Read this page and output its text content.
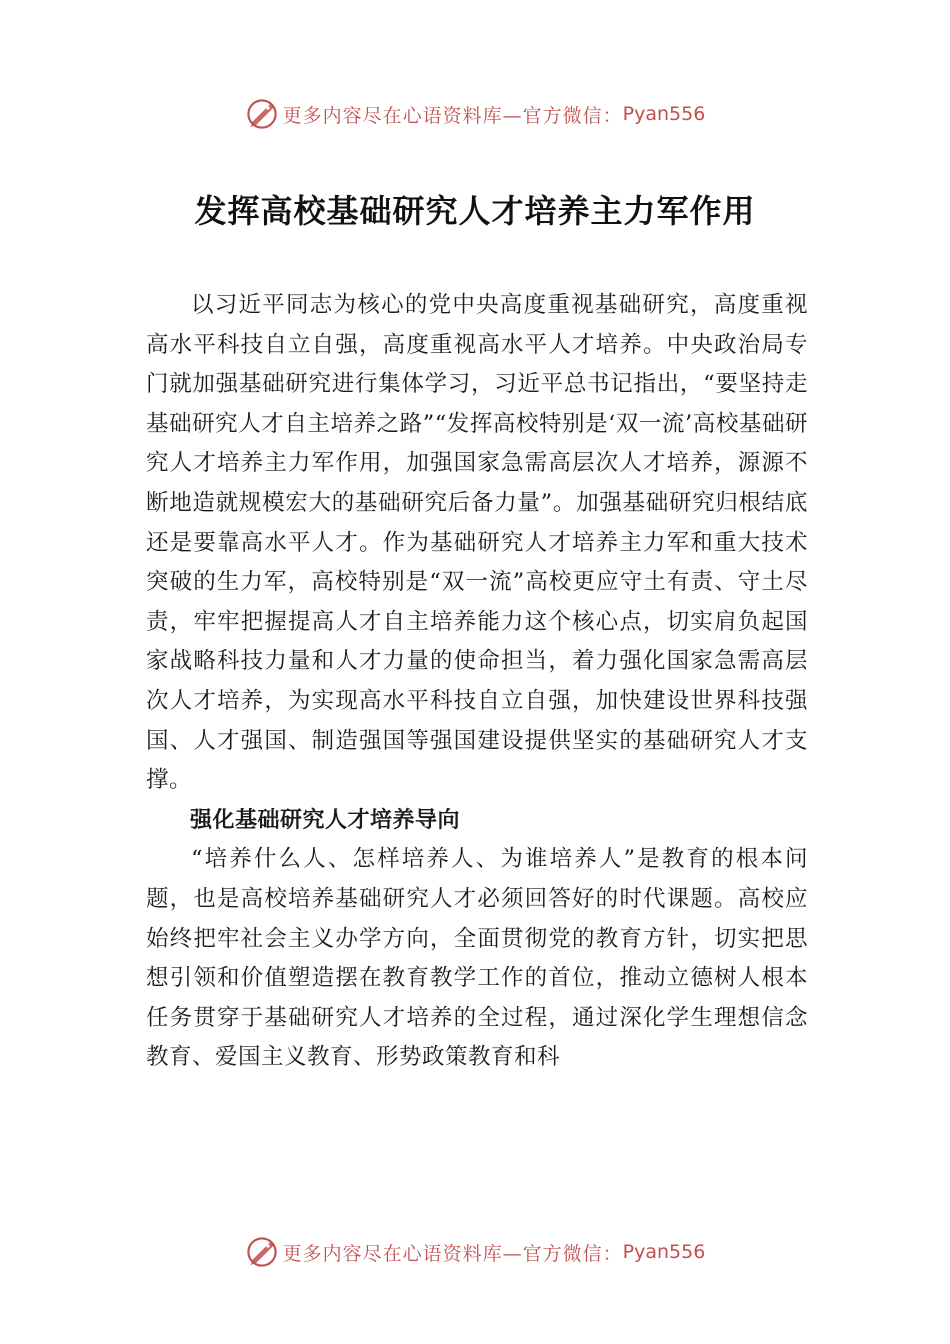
更多内容尽在心语资料库—官方微信： Pyan556
发挥高校基础研究人才培养主力军作用

以习近平同志为核心的党中央高度重视基础研究，高度重视高水平科技自立自强，高度重视高水平人才培养。中央政治局专门就加强基础研究进行集体学习，习近平总书记指出，“要坚持走基础研究人才自主培养之路”“发挥高校特别是‘双一流’高校基础研究人才培养主力军作用，加强国家急需高层次人才培养，源源不断地造就规模宏大的基础研究后备力量”。加强基础研究归根结底还是要靠高水平人才。作为基础研究人才培养主力军和重大技术突破的生力军，高校特别是“双一流”高校更应守土有责、守土尽责，牢牢把握提高人才自主培养能力这个核心点，切实肩负起国家战略科技力量和人才力量的使命担当，着力强化国家急需高层次人才培养，为实现高水平科技自立自强，加快建设世界科技强国、人才强国、制造强国等强国建设提供坚实的基础研究人才支撑。

强化基础研究人才培养导向

“培养什么人、怎样培养人、为谁培养人”是教育的根本问题，也是高校培养基础研究人才必须回答好的时代课题。高校应始终把牢社会主义办学方向，全面贯彻党的教育方针，切实把思想引领和价值塑造摆在教育教学工作的首位，推动立德树人根本任务贯穿于基础研究人才培养的全过程，通过深化学生理想信念教育、爱国主义教育、形势政策教育和科

更多内容尽在心语资料库—官方微信： Pyan556
